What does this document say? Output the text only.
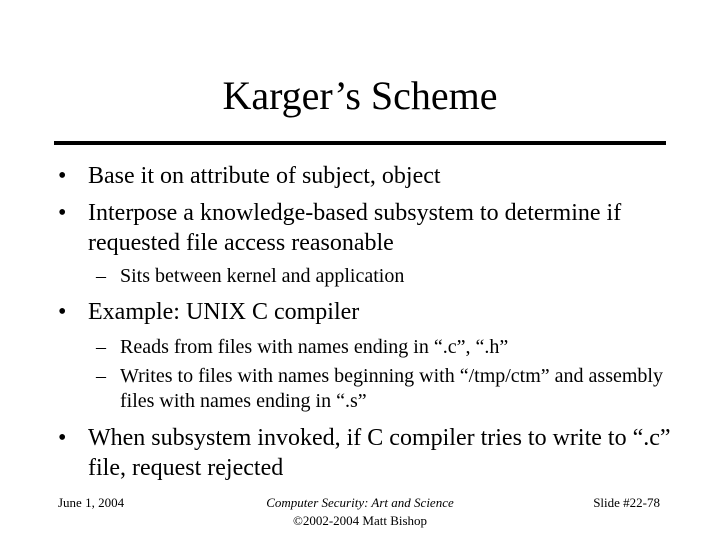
Karger’s Scheme
• Base it on attribute of subject, object
• Interpose a knowledge-based subsystem to determine if requested file access reasonable
– Sits between kernel and application
• Example: UNIX C compiler
– Reads from files with names ending in “.c”, “.h”
– Writes to files with names beginning with “/tmp/ctm” and assembly files with names ending in “.s”
• When subsystem invoked, if C compiler tries to write to “.c” file, request rejected
June 1, 2004	Computer Security: Art and Science
©2002-2004 Matt Bishop
Slide #22-78
